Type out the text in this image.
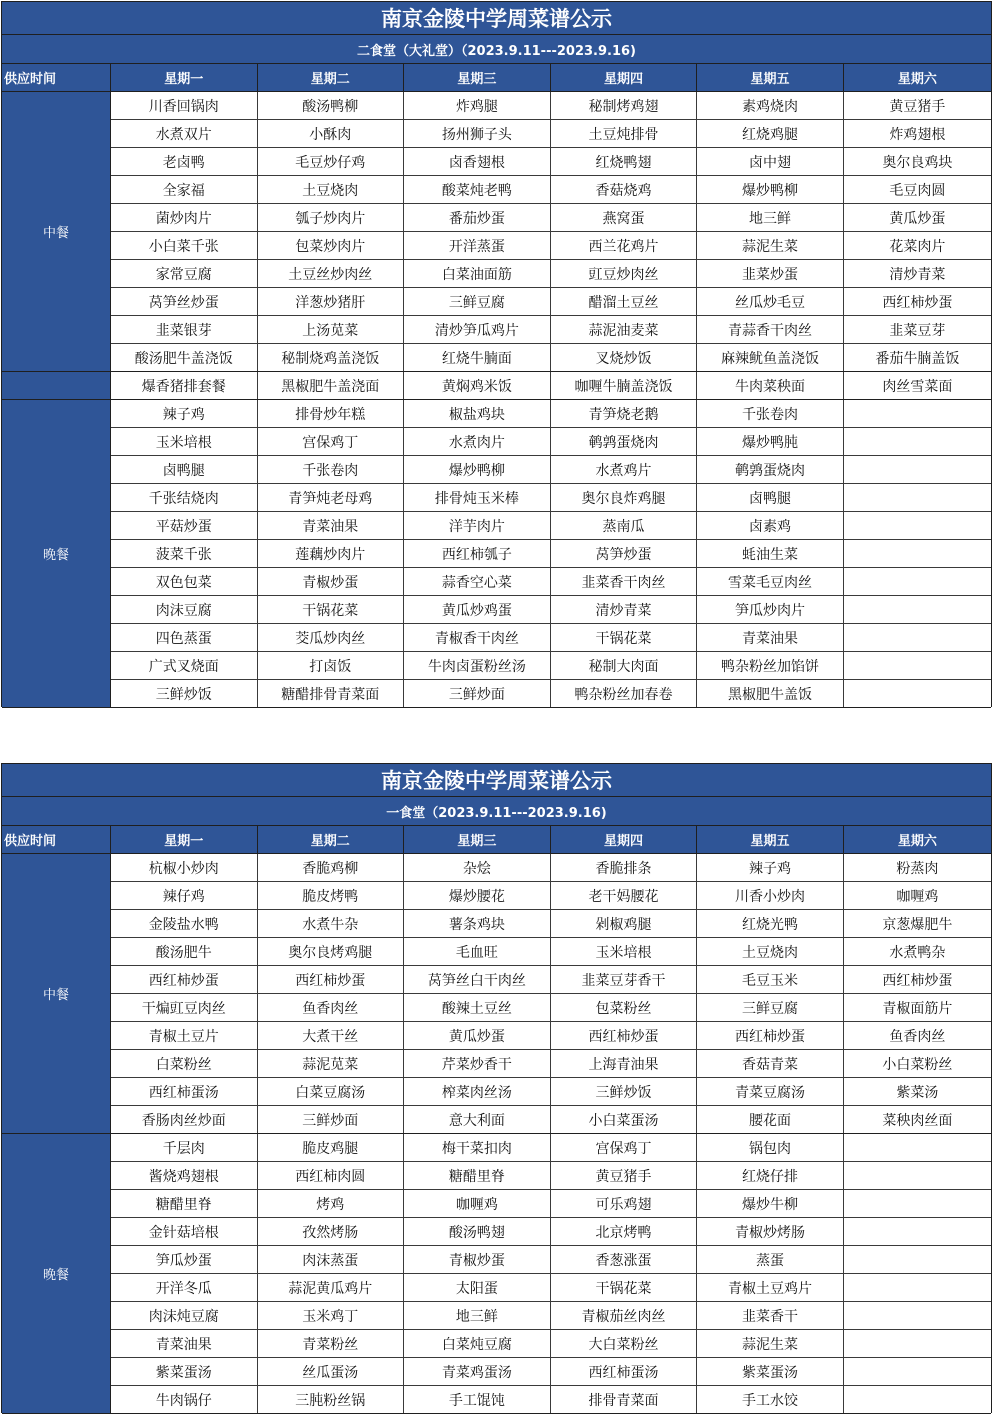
南京金陵中学周菜谱公示						
二食堂（大礼堂）（2023.9.11---2023.9.16)						
供应时间	星期一	星期二	星期三	星期四	星期五	星期六
中餐	川香回锅肉	酸汤鸭柳	炸鸡腿	秘制烤鸡翅	素鸡烧肉	黄豆猪手
	水煮双片	小酥肉	扬州狮子头	土豆炖排骨	红烧鸡腿	炸鸡翅根
	老卤鸭	毛豆炒仔鸡	卤香翅根	红烧鸭翅	卤中翅	奥尔良鸡块
	全家福	土豆烧肉	酸菜炖老鸭	香菇烧鸡	爆炒鸭柳	毛豆肉圆
	菌炒肉片	瓠子炒肉片	番茄炒蛋	燕窝蛋	地三鲜	黄瓜炒蛋
	小白菜千张	包菜炒肉片	开洋蒸蛋	西兰花鸡片	蒜泥生菜	花菜肉片
	家常豆腐	土豆丝炒肉丝	白菜油面筋	豇豆炒肉丝	韭菜炒蛋	清炒青菜
	莴笋丝炒蛋	洋葱炒猪肝	三鲜豆腐	醋溜土豆丝	丝瓜炒毛豆	西红柿炒蛋
	韭菜银芽	上汤苋菜	清炒笋瓜鸡片	蒜泥油麦菜	青蒜香干肉丝	韭菜豆芽
	酸汤肥牛盖浇饭	秘制烧鸡盖浇饭	红烧牛腩面	叉烧炒饭	麻辣鱿鱼盖浇饭	番茄牛腩盖饭
	爆香猪排套餐	黑椒肥牛盖浇面	黄焖鸡米饭	咖喱牛腩盖浇饭	牛肉菜秧面	肉丝雪菜面
晚餐	辣子鸡	排骨炒年糕	椒盐鸡块	青笋烧老鹅	千张卷肉	
	玉米培根	宫保鸡丁	水煮肉片	鹌鹑蛋烧肉	爆炒鸭肫	
	卤鸭腿	千张卷肉	爆炒鸭柳	水煮鸡片	鹌鹑蛋烧肉	
	千张结烧肉	青笋炖老母鸡	排骨炖玉米棒	奥尔良炸鸡腿	卤鸭腿	
	平菇炒蛋	青菜油果	洋芋肉片	蒸南瓜	卤素鸡	
	菠菜千张	莲藕炒肉片	西红柿瓠子	莴笋炒蛋	蚝油生菜	
	双色包菜	青椒炒蛋	蒜香空心菜	韭菜香干肉丝	雪菜毛豆肉丝	
	肉沫豆腐	干锅花菜	黄瓜炒鸡蛋	清炒青菜	笋瓜炒肉片	
	四色蒸蛋	茭瓜炒肉丝	青椒香干肉丝	干锅花菜	青菜油果	
	广式叉烧面	打卤饭	牛肉卤蛋粉丝汤	秘制大肉面	鸭杂粉丝加馅饼	
	三鲜炒饭	糖醋排骨青菜面	三鲜炒面	鸭杂粉丝加春卷	黑椒肥牛盖饭	
南京金陵中学周菜谱公示						
一食堂（2023.9.11---2023.9.16)						
供应时间	星期一	星期二	星期三	星期四	星期五	星期六
中餐	杭椒小炒肉	香脆鸡柳	杂烩	香脆排条	辣子鸡	粉蒸肉
	辣仔鸡	脆皮烤鸭	爆炒腰花	老干妈腰花	川香小炒肉	咖喱鸡
	金陵盐水鸭	水煮牛杂	薯条鸡块	剁椒鸡腿	红烧光鸭	京葱爆肥牛
	酸汤肥牛	奥尔良烤鸡腿	毛血旺	玉米培根	土豆烧肉	水煮鸭杂
	西红柿炒蛋	西红柿炒蛋	莴笋丝白干肉丝	韭菜豆芽香干	毛豆玉米	西红柿炒蛋
	干煸豇豆肉丝	鱼香肉丝	酸辣土豆丝	包菜粉丝	三鲜豆腐	青椒面筋片
	青椒土豆片	大煮干丝	黄瓜炒蛋	西红柿炒蛋	西红柿炒蛋	鱼香肉丝
	白菜粉丝	蒜泥苋菜	芹菜炒香干	上海青油果	香菇青菜	小白菜粉丝
	西红柿蛋汤	白菜豆腐汤	榨菜肉丝汤	三鲜炒饭	青菜豆腐汤	紫菜汤
	香肠肉丝炒面	三鲜炒面	意大利面	小白菜蛋汤	腰花面	菜秧肉丝面
晚餐	千层肉	脆皮鸡腿	梅干菜扣肉	宫保鸡丁	锅包肉	
	酱烧鸡翅根	西红柿肉圆	糖醋里脊	黄豆猪手	红烧仔排	
	糖醋里脊	烤鸡	咖喱鸡	可乐鸡翅	爆炒牛柳	
	金针菇培根	孜然烤肠	酸汤鸭翅	北京烤鸭	青椒炒烤肠	
	笋瓜炒蛋	肉沫蒸蛋	青椒炒蛋	香葱涨蛋	蒸蛋	
	开洋冬瓜	蒜泥黄瓜鸡片	太阳蛋	干锅花菜	青椒土豆鸡片	
	肉沫炖豆腐	玉米鸡丁	地三鲜	青椒茄丝肉丝	韭菜香干	
	青菜油果	青菜粉丝	白菜炖豆腐	大白菜粉丝	蒜泥生菜	
	紫菜蛋汤	丝瓜蛋汤	青菜鸡蛋汤	西红柿蛋汤	紫菜蛋汤	
	牛肉锅仔	三肫粉丝锅	手工馄饨	排骨青菜面	手工水饺	
